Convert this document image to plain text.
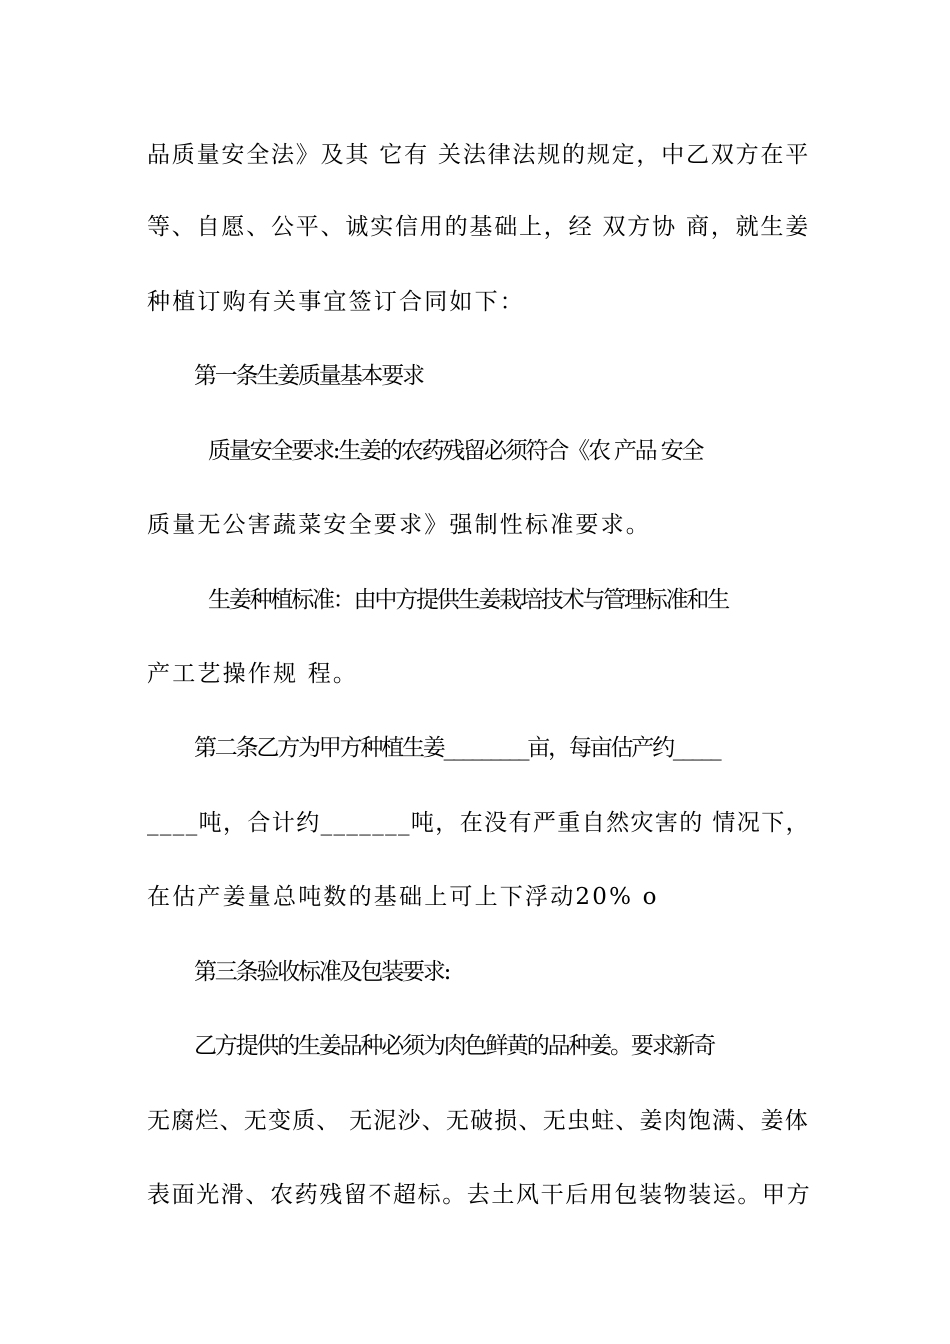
品质量安全法》及其 它有 关法律法规的规定，中乙双方在平
等、自愿、公平、诚实信用的基础上，经 双方协 商，就生姜
种植订购有关事宜签订合同如下：
第一条生姜质量基本要求
质量安全要求:生姜的农药残留必须符合《农 产品 安全
质量无公害蔬菜安全要求》强制性标准要求。
生姜种植标准：由中方提供生姜栽培技术与管理标准和生
产工艺操作规 程。
第二条乙方为甲方种植生姜_________亩，每亩估产约_____
____吨，合计约_______吨，在没有严重自然灾害的 情况下，
在估产姜量总吨数的基础上可上下浮动20% o
第三条验收标准及包装要求:
乙方提供的生姜品种必须为肉色鲜黄的品种姜。要求新奇
无腐烂、无变质、 无泥沙、无破损、无虫蛀、姜肉饱满、姜体
表面光滑、农药残留不超标。去土风干后用包装物装运。甲方
